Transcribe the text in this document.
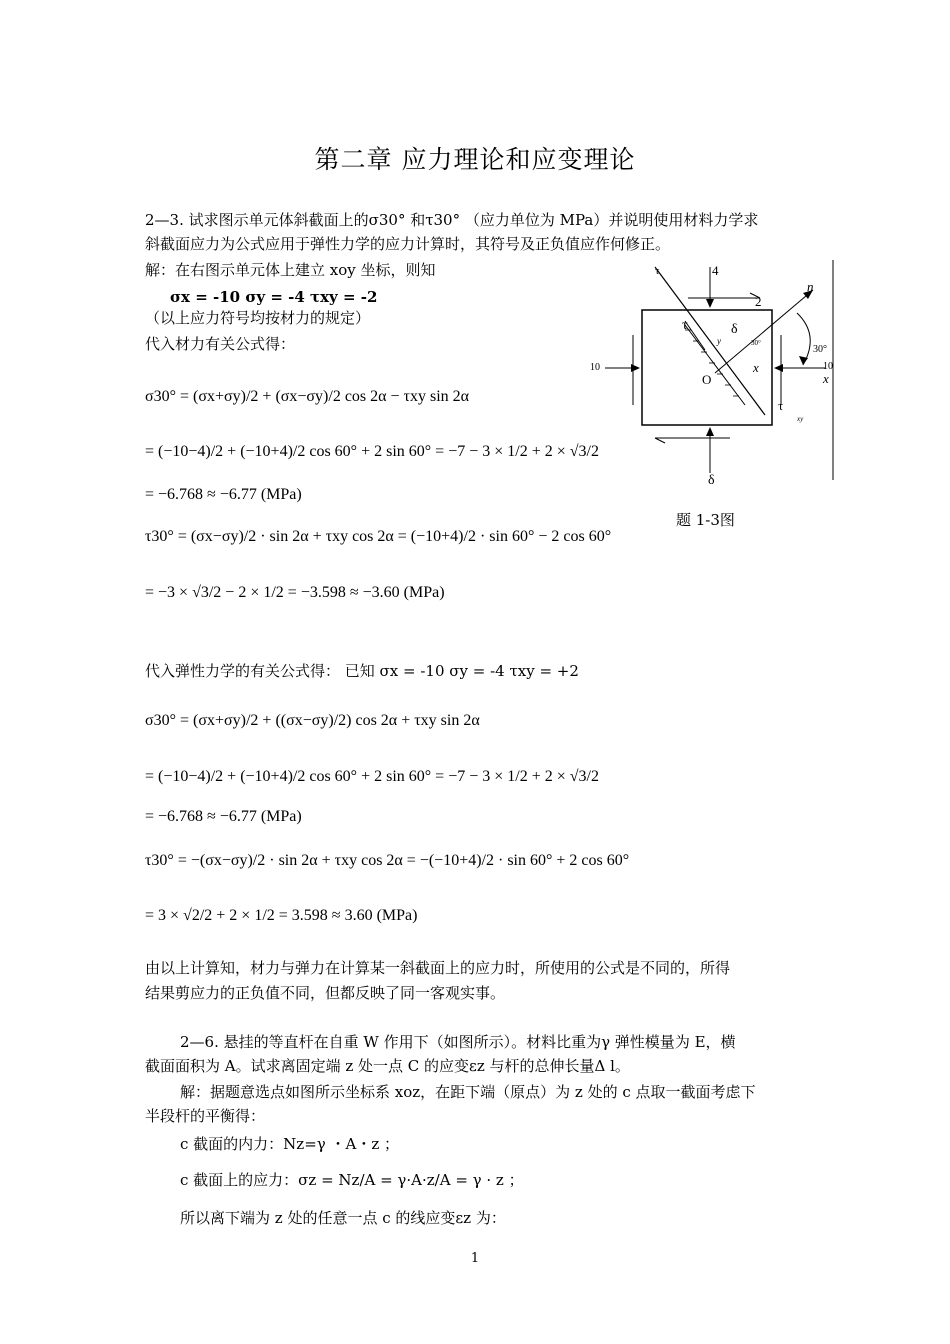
第二章 应力理论和应变理论
2—3. 试求图示单元体斜截面上的σ30° 和τ30° （应力单位为 MPa）并说明使用材料力学求
斜截面应力为公式应用于弹性力学的应力计算时，其符号及正负值应作何修正。
解：在右图示单元体上建立 xoy 坐标，则知
σx = -10 σy = -4 τxy = -2
（以上应力符号均按材力的规定）
代入材力有关公式得：
σ30° = (σx+σy)/2 + (σx−σy)/2 cos 2α − τxy sin 2α
= (−10−4)/2 + (−10+4)/2 cos 60° + 2 sin 60° = −7 − 3 × 1/2 + 2 × √3/2
= −6.768 ≈ −6.77 (MPa)
τ30° = (σx−σy)/2 · sin 2α + τxy cos 2α = (−10+4)/2 · sin 60° − 2 cos 60°
= −3 × √3/2 − 2 × 1/2 = −3.598 ≈ −3.60 (MPa)
代入弹性力学的有关公式得： 已知 σx = -10 σy = -4 τxy = +2
σ30° = (σx+σy)/2 + ((σx−σy)/2) cos 2α + τxy sin 2α
= (−10−4)/2 + (−10+4)/2 cos 60° + 2 sin 60° = −7 − 3 × 1/2 + 2 × √3/2
= −6.768 ≈ −6.77 (MPa)
τ30° = −(σx−σy)/2 · sin 2α + τxy cos 2α = −(−10+4)/2 · sin 60° + 2 cos 60°
= 3 × √2/2 + 2 × 1/2 = 3.598 ≈ 3.60 (MPa)
由以上计算知，材力与弹力在计算某一斜截面上的应力时，所使用的公式是不同的，所得
结果剪应力的正负值不同，但都反映了同一客观实事。
2—6. 悬挂的等直杆在自重 W 作用下（如图所示）。材料比重为γ 弹性模量为 E，横
截面面积为 A。试求离固定端 z 处一点 C 的应变εz 与杆的总伸长量Δ l。
解：据题意选点如图所示坐标系 xoz，在距下端（原点）为 z 处的 c 点取一截面考虑下
半段杆的平衡得：
c 截面的内力：Nz=γ ・A・z ；
c 截面上的应力：σz = Nz/A = γ·A·z/A = γ · z ；
所以离下端为 z 处的任意一点 c 的线应变εz 为：
τ	4
2
n
τ	δ
y	30°
30°
10	x	10
x
O
τ
xy
δ
题 1-3图
1
